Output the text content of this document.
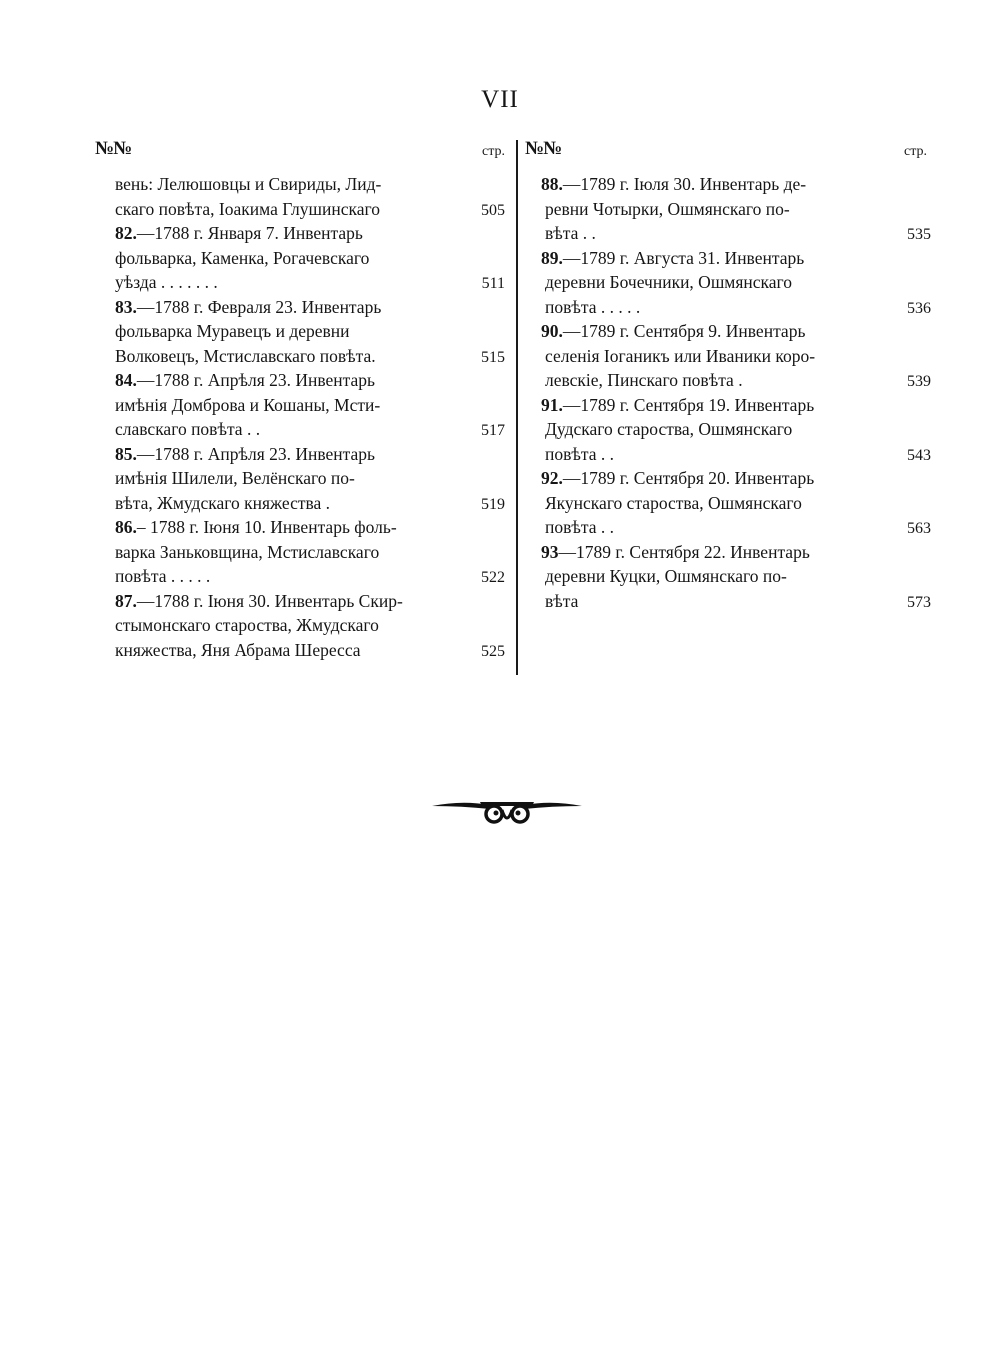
VII
№№	стр.
вень: Лелюшовцы и Свириды, Лид-
скаго повѣта, Іоакима Глушинскаго	505
82.—1788 г. Января 7. Инвентарь
фольварка, Каменка, Рогачевскаго
уѣзда . . . . . . .	511
83.—1788 г. Февраля 23. Инвентарь
фольварка Муравецъ и деревни
Волковецъ, Мстиславскаго повѣта.	515
84.—1788 г. Апрѣля 23. Инвентарь
имѣнія Домброва и Кошаны, Мсти-
славскаго повѣта . .	517
85.—1788 г. Апрѣля 23. Инвентарь
имѣнія Шилели, Велёнскаго по-
вѣта, Жмудскаго княжества .	519
86.– 1788 г. Іюня 10. Инвентарь фоль-
варка Заньковщина, Мстиславскаго
повѣта . . . . .	522
87.—1788 г. Іюня 30. Инвентарь Скир-
стымонскаго староства, Жмудскаго
княжества, Яня Абрама Шересса	525
№№	стр.
88.—1789 г. Іюля 30. Инвентарь де-
ревни Чотырки, Ошмянскаго по-
вѣта . .	535
89.—1789 г. Августа 31. Инвентарь
деревни Бочечники, Ошмянскаго
повѣта . . . . .	536
90.—1789 г. Сентября 9. Инвентарь
селенія Іоганикъ или Иваники коро-
левскіе, Пинскаго повѣта .	539
91.—1789 г. Сентября 19. Инвентарь
Дудскаго староства, Ошмянскаго
повѣта . .	543
92.—1789 г. Сентября 20. Инвентарь
Якунскаго староства, Ошмянскаго
повѣта . .	563
93—1789 г. Сентября 22. Инвентарь
деревни Куцки, Ошмянскаго по-
вѣта	573
